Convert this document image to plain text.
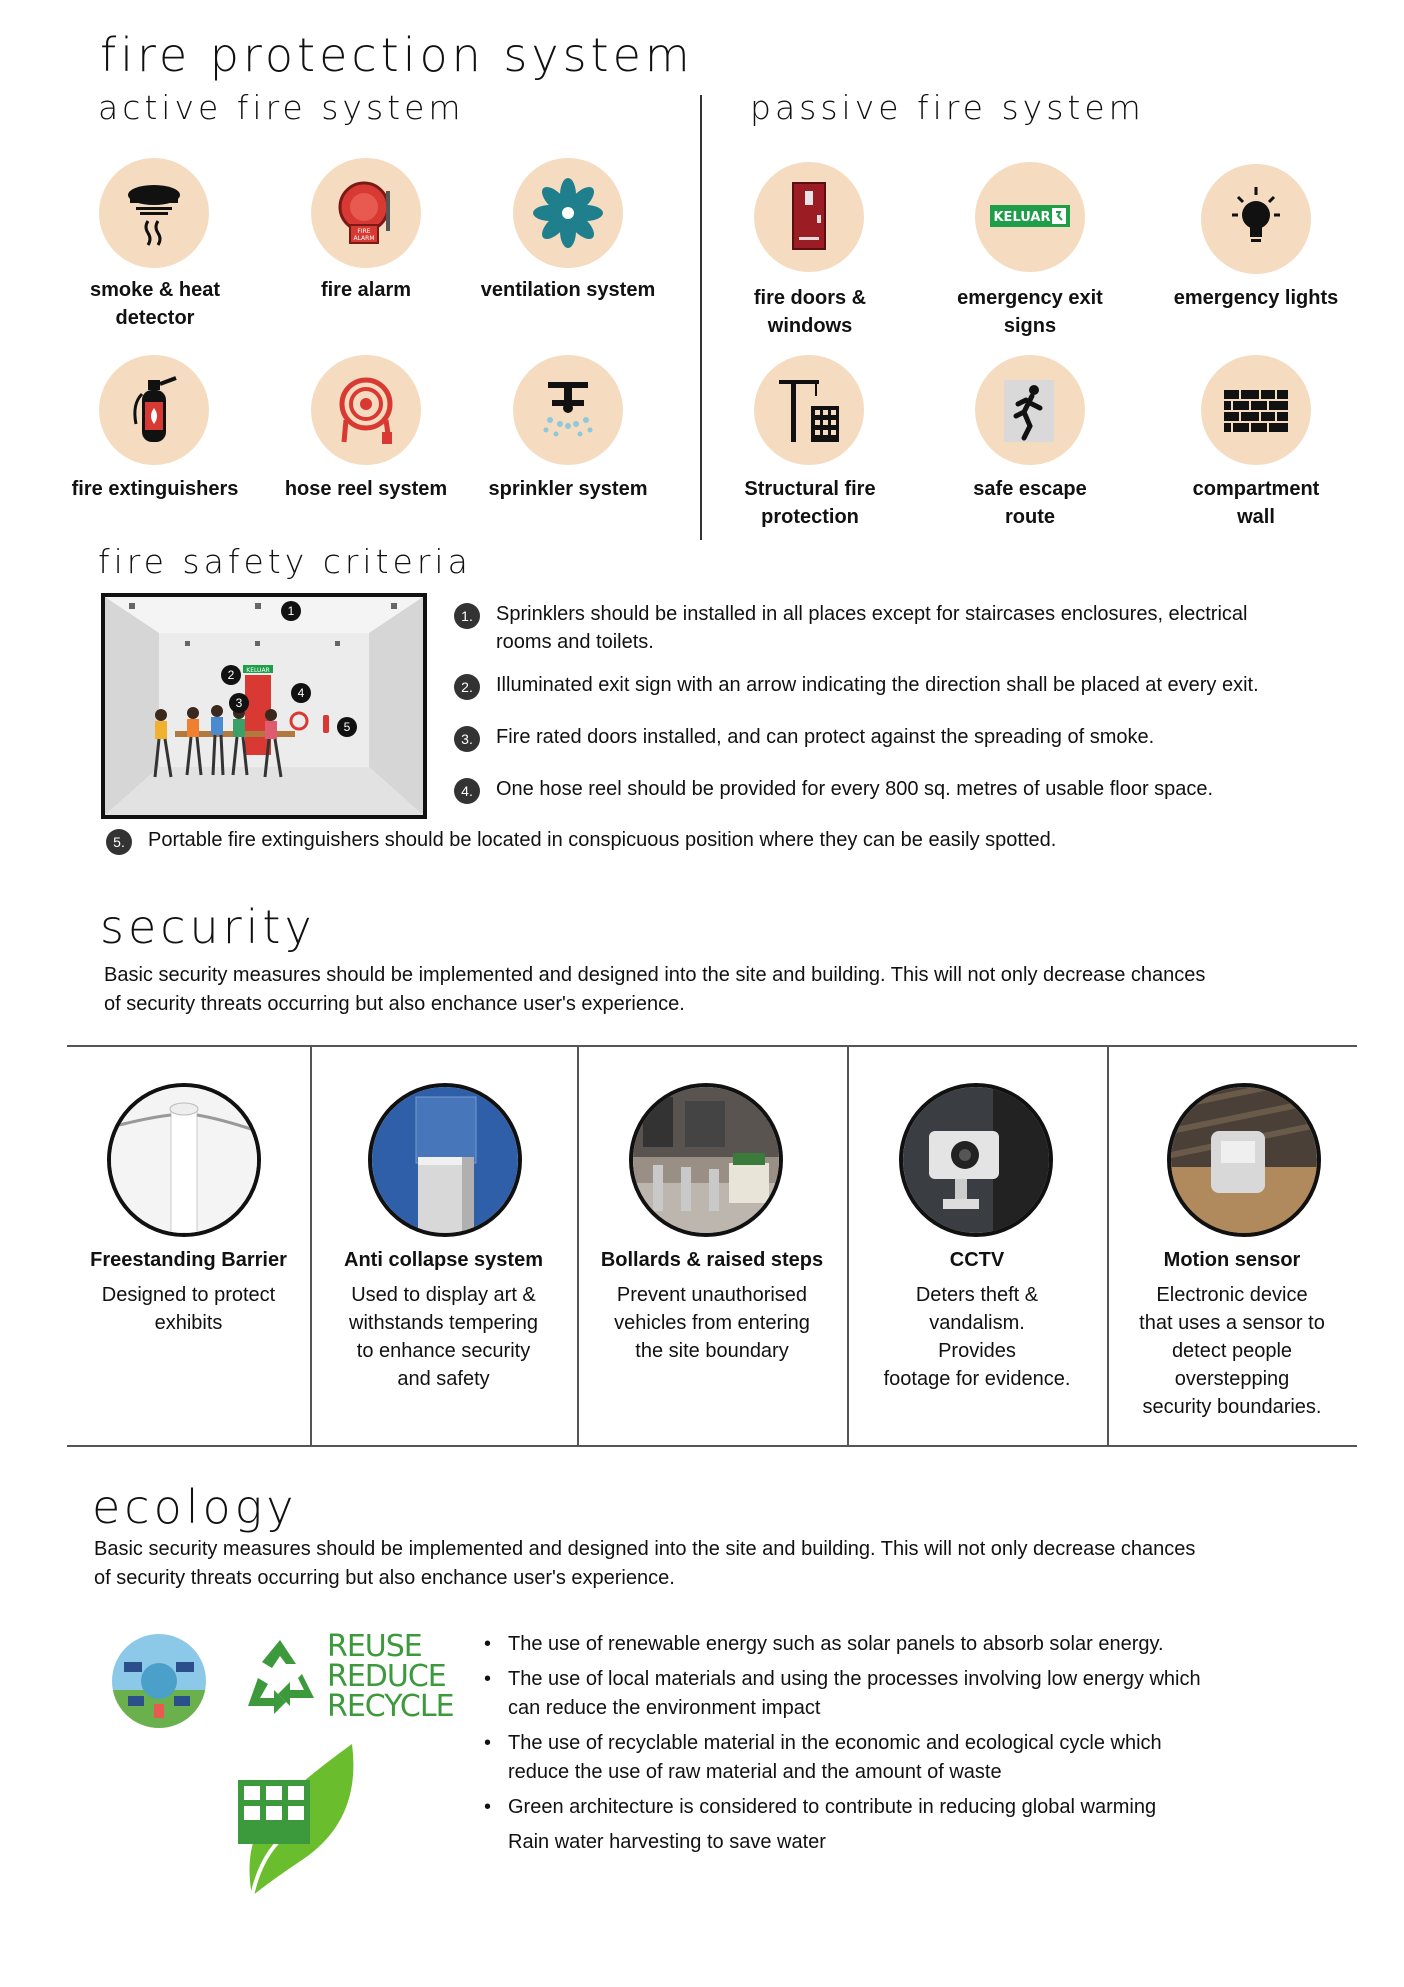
fire protection system
active fire system	passive fire system
smoke & heat
detector
FIRE
ALARM
fire alarm	ventilation system
fire extinguishers	hose reel system	sprinkler system
fire doors &
windows
KELUAR
emergency exit
signs
emergency lights
Structural fire
protection
safe escape
route
compartment
wall
fire safety criteria
KELUAR
1
2
3
4
5
1.	Sprinklers should be installed in all places except for staircases enclosures, electrical
rooms and toilets.
2.	Illuminated exit sign with an arrow indicating the direction shall be placed at every exit.
3.	Fire rated doors installed, and can protect against the spreading of smoke.
4.	One hose reel should be provided for every 800 sq. metres of usable floor space.
5.	Portable fire extinguishers should be located in conspicuous position where they can be easily spotted.
security
Basic security measures should be implemented and designed into the site and building. This will not only decrease chances
of security threats occurring but also enchance user's experience.
Freestanding Barrier
Designed to protect
exhibits
Anti collapse system
Used to display art &
withstands tempering
to enhance security
and safety
Bollards & raised steps
Prevent unauthorised
vehicles from entering
the site boundary
CCTV
Deters theft &
vandalism.
Provides
footage for evidence.
Motion sensor
Electronic device
that uses a sensor to
detect people
overstepping
security boundaries.
ecology
Basic security measures should be implemented and designed into the site and building. This will not only decrease chances
of security threats occurring but also enchance user's experience.
REUSE
REDUCE
RECYCLE
• The use of renewable energy such as solar panels to absorb solar energy.
• The use of local materials and using the processes involving low energy which
can reduce the environment impact
• The use of recyclable material in the economic and ecological cycle which
reduce the use of raw material and the amount of waste
• Green architecture is considered to contribute in reducing global warming
Rain water harvesting to save water
